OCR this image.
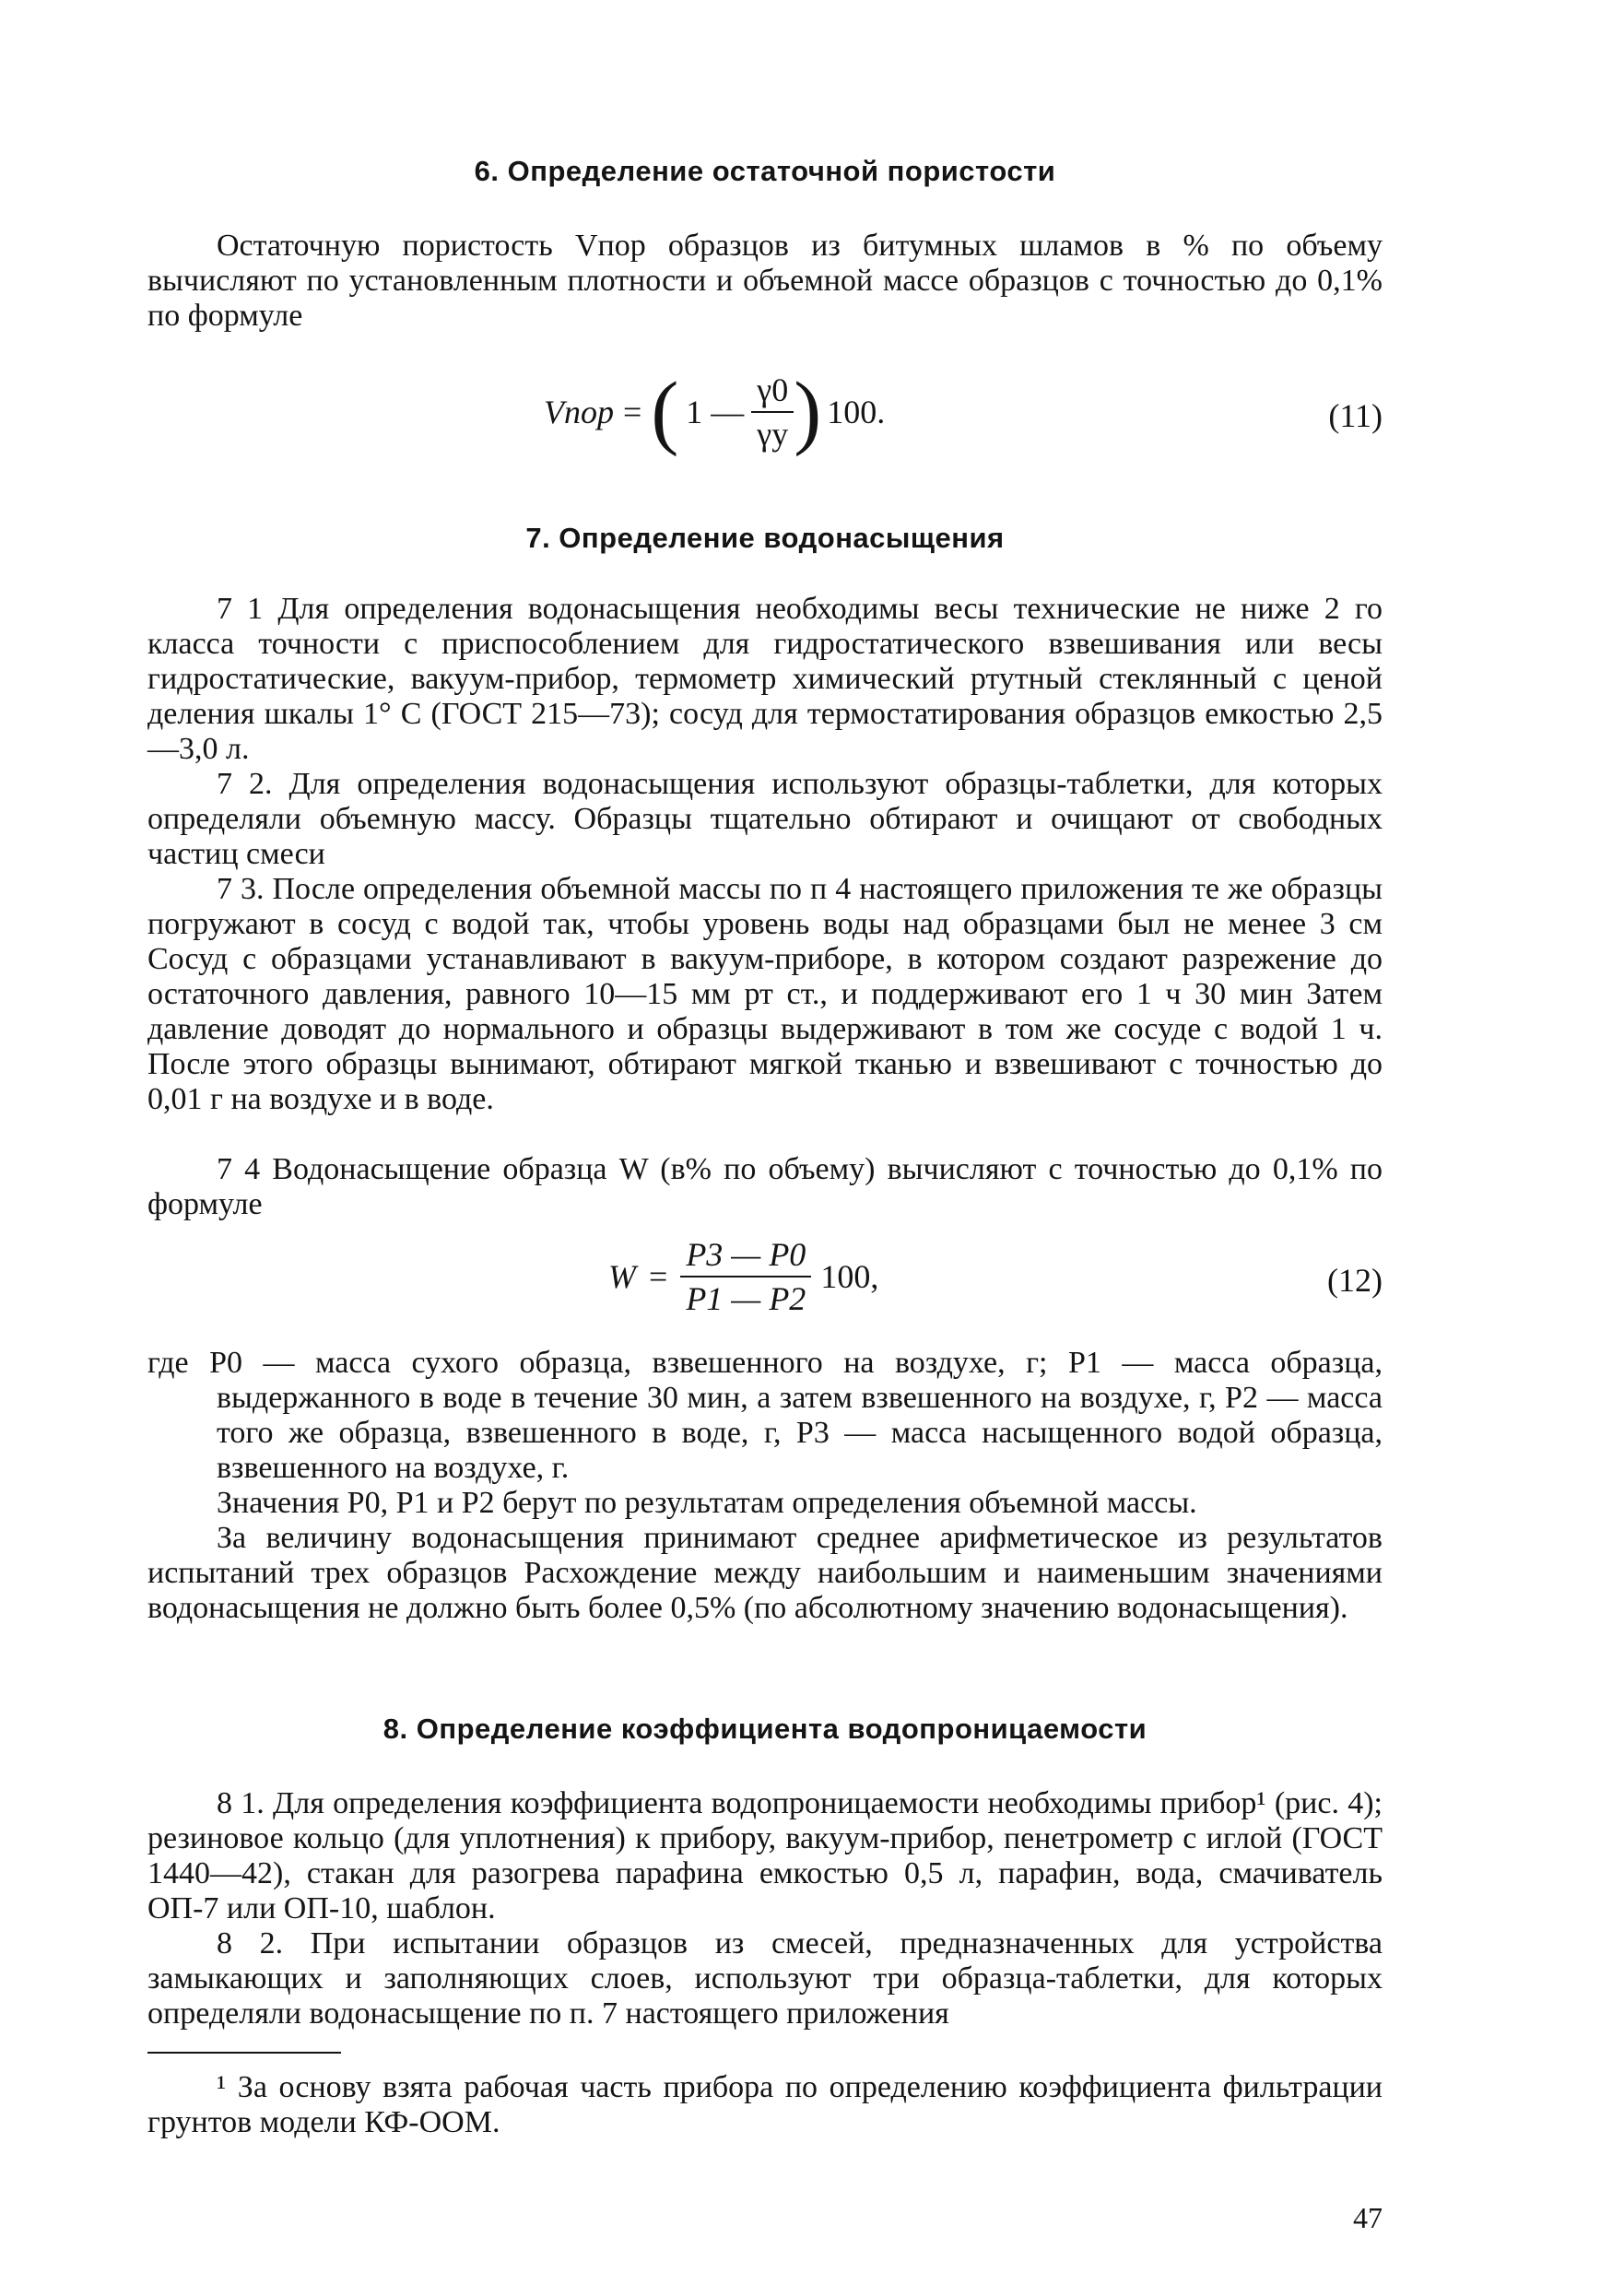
6. Определение остаточной пористости

Остаточную пористость Vпор образцов из битумных шламов в % по объему вычисляют по установленным плотности и объемной массе образцов с точностью до 0,1% по формуле

Vпор = ( 1 — $\frac{\gamma 0}{\gamma у}$ ) 100.	(11)
7. Определение водонасыщения

7 1 Для определения водонасыщения необходимы весы технические не ниже 2 го класса точности с приспособлением для гидростатического взвешивания или весы гидростатические, вакуум-прибор, термометр химический ртутный стеклянный с ценой деления шкалы 1° С (ГОСТ 215—73); сосуд для термостатирования образцов емкостью 2,5—3,0 л.

7 2. Для определения водонасыщения используют образцы-таблетки, для которых определяли объемную массу. Образцы тщательно обтирают и очищают от свободных частиц смеси

7 3. После определения объемной массы по п 4 настоящего приложения те же образцы погружают в сосуд с водой так, чтобы уровень воды над образцами был не менее 3 см Сосуд с образцами устанавливают в вакуум-приборе, в котором создают разрежение до остаточного давления, равного 10—15 мм рт ст., и поддерживают его 1 ч 30 мин Затем давление доводят до нормального и образцы выдерживают в том же сосуде с водой 1 ч. После этого образцы вынимают, обтирают мягкой тканью и взвешивают с точностью до 0,01 г на воздухе и в воде.

7 4 Водонасыщение образца W (в% по объему) вычисляют с точностью до 0,1% по формуле

$W = \frac{P3 — P0}{P1 — P2} 100$,	(12)

где P0 — масса сухого образца, взвешенного на воздухе, г; P1 — масса образца, выдержанного в воде в течение 30 мин, а затем взвешенного на воздухе, г, P2 — масса того же образца, взвешенного в воде, г, P3 — масса насыщенного водой образца, взвешенного на воздухе, г.

Значения P0, P1 и P2 берут по результатам определения объемной массы.

За величину водонасыщения принимают среднее арифметическое из результатов испытаний трех образцов Расхождение между наибольшим и наименьшим значениями водонасыщения не должно быть более 0,5% (по абсолютному значению водонасыщения).

8. Определение коэффициента водопроницаемости

8 1. Для определения коэффициента водопроницаемости необходимы прибор¹ (рис. 4); резиновое кольцо (для уплотнения) к прибору, вакуум-прибор, пенетрометр с иглой (ГОСТ 1440—42), стакан для разогрева парафина емкостью 0,5 л, парафин, вода, смачиватель ОП-7 или ОП-10, шаблон.

8 2. При испытании образцов из смесей, предназначенных для устройства замыкающих и заполняющих слоев, используют три образца-таблетки, для которых определяли водонасыщение по п. 7 настоящего приложения

¹ За основу взята рабочая часть прибора по определению коэффициента фильтрации грунтов модели КФ-ООМ.

47
